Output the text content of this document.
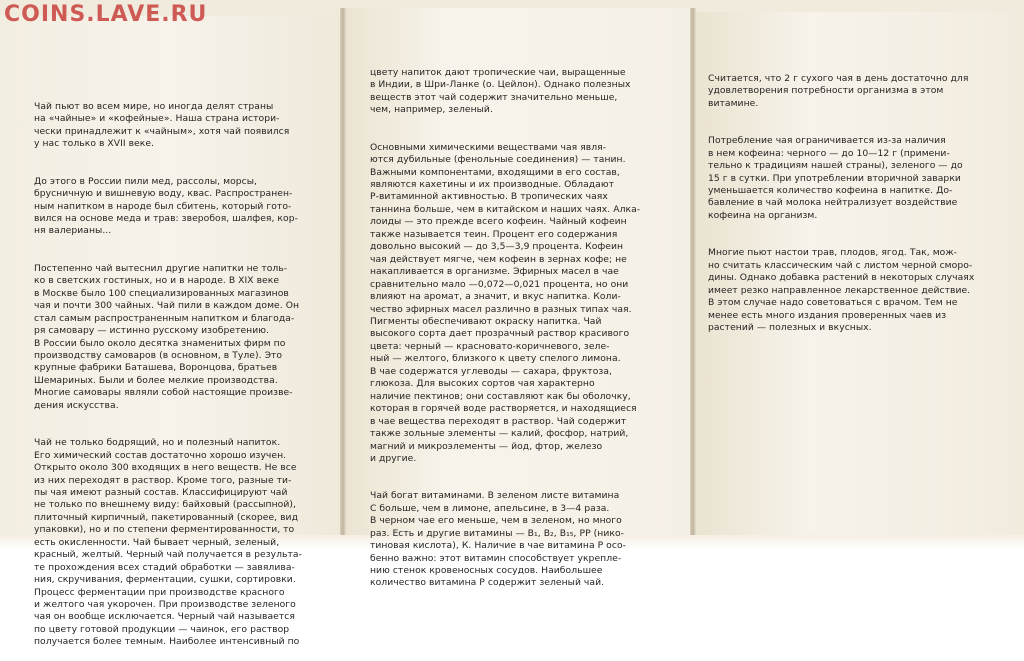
COINS.LAVE.RU

Чай пьют во всем мире, но иногда делят страны
на «чайные» и «кофейные». Наша страна истори-
чески принадлежит к «чайным», хотя чай появился
у нас только в XVII веке.

До этого в России пили мед, рассолы, морсы,
брусничную и вишневую воду, квас. Распространен-
ным напитком в народе был сбитень, который гото-
вился на основе меда и трав: зверобоя, шалфея, кор-
ня валерианы...

Постепенно чай вытеснил другие напитки не толь-
ко в светских гостиных, но и в народе. В XIX веке
в Москве было 100 специализированных магазинов
чая и почти 300 чайных. Чай пили в каждом доме. Он
стал самым распространенным напитком и благода-
ря самовару — истинно русскому изобретению.
В России было около десятка знаменитых фирм по
производству самоваров (в основном, в Туле). Это
крупные фабрики Баташева, Воронцова, братьев
Шемариных. Были и более мелкие производства.
Многие самовары являли собой настоящие произве-
дения искусства.

Чай не только бодрящий, но и полезный напиток.
Его химический состав достаточно хорошо изучен.
Открыто около 300 входящих в него веществ. Не все
из них переходят в раствор. Кроме того, разные ти-
пы чая имеют разный состав. Классифицируют чай
не только по внешнему виду: байховый (рассыпной),
плиточный кирпичный, пакетированный (скорее, вид
упаковки), но и по степени ферментированности, то
есть окисленности. Чай бывает черный, зеленый,
красный, желтый. Черный чай получается в результа-
те прохождения всех стадий обработки — завялива-
ния, скручивания, ферментации, сушки, сортировки.
Процесс ферментации при производстве красного
и желтого чая укорочен. При производстве зеленого
чая он вообще исключается. Черный чай называется
по цвету готовой продукции — чаинок, его раствор
получается более темным. Наиболее интенсивный по

цвету напиток дают тропические чаи, выращенные
в Индии, в Шри-Ланке (о. Цейлон). Однако полезных
веществ этот чай содержит значительно меньше,
чем, например, зеленый.

Основными химическими веществами чая явля-
ются дубильные (фенольные соединения) — танин.
Важными компонентами, входящими в его состав,
являются кахетины и их производные. Обладают
Р-витаминной активностью. В тропических чаях
таннина больше, чем в китайском и наших чаях. Алка-
лоиды — это прежде всего кофеин. Чайный кофеин
также называется теин. Процент его содержания
довольно высокий — до 3,5—3,9 процента. Кофеин
чая действует мягче, чем кофеин в зернах кофе; не
накапливается в организме. Эфирных масел в чае
сравнительно мало —0,072—0,021 процента, но они
влияют на аромат, а значит, и вкус напитка. Коли-
чество эфирных масел различно в разных типах чая.
Пигменты обеспечивают окраску напитка. Чай
высокого сорта дает прозрачный раствор красивого
цвета: черный — красновато-коричневого, зеле-
ный — желтого, близкого к цвету спелого лимона.
В чае содержатся углеводы — сахара, фруктоза,
глюкоза. Для высоких сортов чая характерно
наличие пектинов; они составляют как бы оболочку,
которая в горячей воде растворяется, и находящиеся
в чае вещества переходят в раствор. Чай содержит
также зольные элементы — калий, фосфор, натрий,
магний и микроэлементы — йод, фтор, железо
и другие.

Чай богат витаминами. В зеленом листе витамина
С больше, чем в лимоне, апельсине, в 3—4 раза.
В черном чае его меньше, чем в зеленом, но много
раз. Есть и другие витамины — В₁, В₂, В₁₅, РР (нико-
тиновая кислота), К. Наличие в чае витамина Р осо-
бенно важно: этот витамин способствует укрепле-
нию стенок кровеносных сосудов. Наибольшее
количество витамина Р содержит зеленый чай.

Считается, что 2 г сухого чая в день достаточно для
удовлетворения потребности организма в этом
витамине.

Потребление чая ограничивается из-за наличия
в нем кофеина: черного — до 10—12 г (примени-
тельно к традициям нашей страны), зеленого — до
15 г в сутки. При употреблении вторичной заварки
уменьшается количество кофеина в напитке. До-
бавление в чай молока нейтрализует воздействие
кофеина на организм.

Многие пьют настои трав, плодов, ягод. Так, мож-
но считать классическим чай с листом черной сморо-
дины. Однако добавка растений в некоторых случаях
имеет резко направленное лекарственное действие.
В этом случае надо советоваться с врачом. Тем не
менее есть много издания проверенных чаев из
растений — полезных и вкусных.
